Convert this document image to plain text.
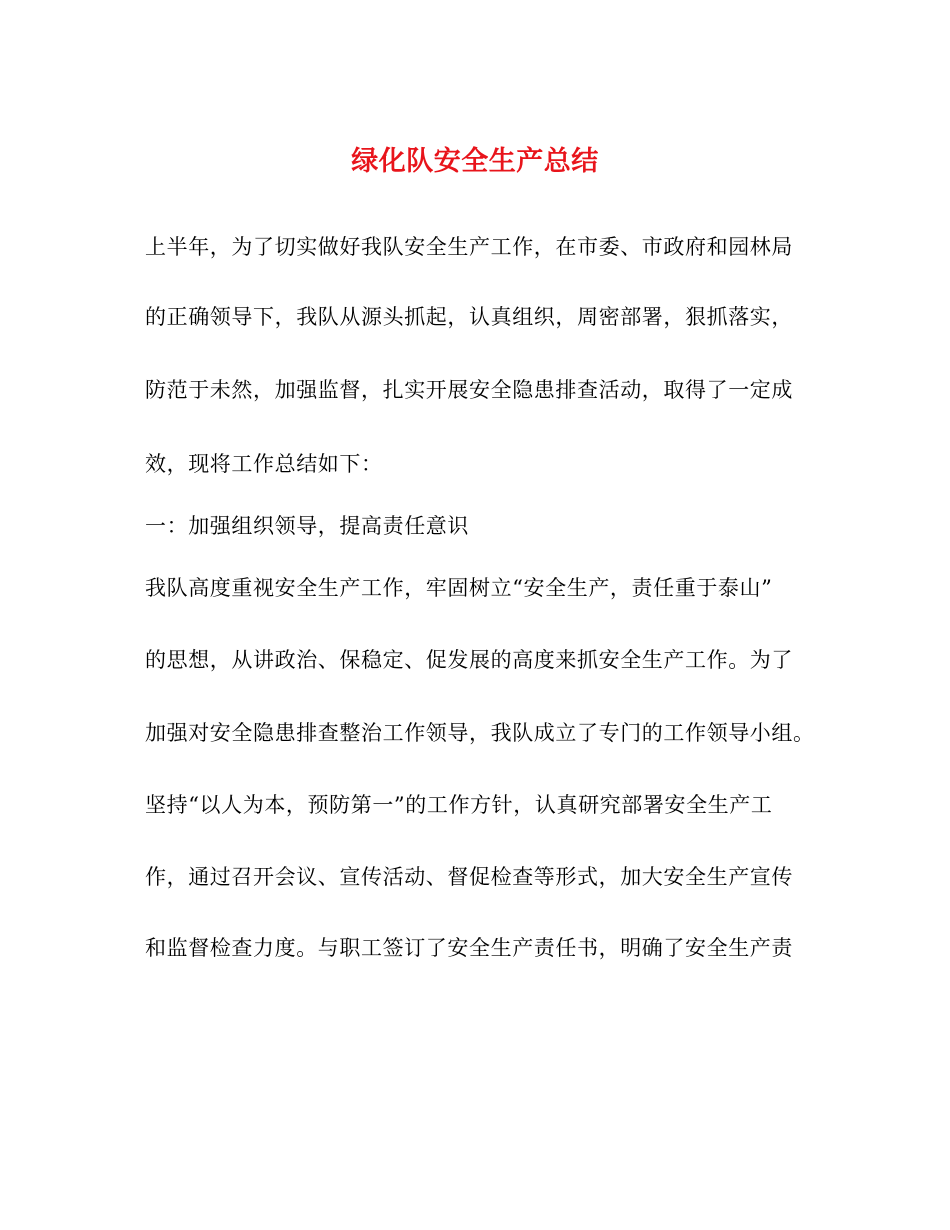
绿化队安全生产总结
上半年，为了切实做好我队安全生产工作，在市委、市政府和园林局
的正确领导下，我队从源头抓起，认真组织，周密部署，狠抓落实，
防范于未然，加强监督，扎实开展安全隐患排查活动，取得了一定成
效，现将工作总结如下：
一：加强组织领导，提高责任意识
我队高度重视安全生产工作，牢固树立“安全生产，责任重于泰山”
的思想，从讲政治、保稳定、促发展的高度来抓安全生产工作。为了
加强对安全隐患排查整治工作领导，我队成立了专门的工作领导小组。
坚持“以人为本，预防第一”的工作方针，认真研究部署安全生产工
作，通过召开会议、宣传活动、督促检查等形式，加大安全生产宣传
和监督检查力度。与职工签订了安全生产责任书，明确了安全生产责
